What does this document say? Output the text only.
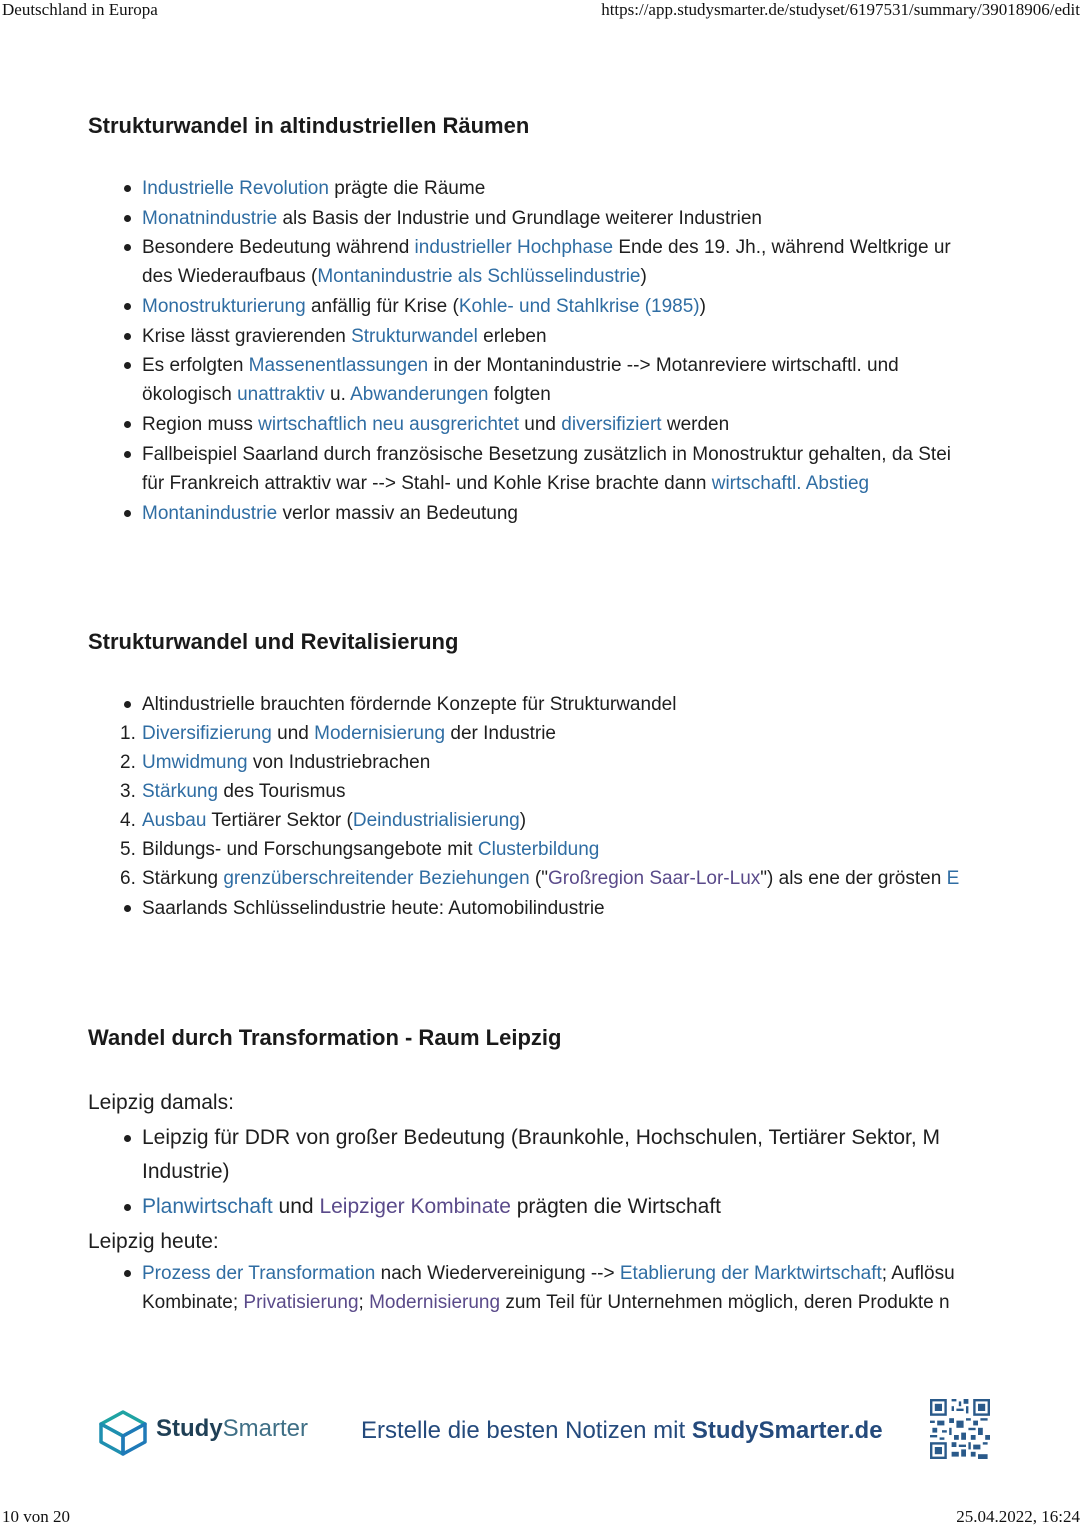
Deutschland in Europa	https://app.studysmarter.de/studyset/6197531/summary/39018906/edit
Strukturwandel in altindustriellen Räumen
Industrielle Revolution prägte die Räume
Monatnindustrie als Basis der Industrie und Grundlage weiterer Industrien
Besondere Bedeutung während industrieller Hochphase Ende des 19. Jh., während Weltkrige ur
des Wiederaufbaus (Montanindustrie als Schlüsselindustrie)
Monostrukturierung anfällig für Krise (Kohle- und Stahlkrise (1985))
Krise lässt gravierenden Strukturwandel erleben
Es erfolgten Massenentlassungen in der Montanindustrie --> Motanreviere wirtschaftl. und
ökologisch unattraktiv u. Abwanderungen folgten
Region muss wirtschaftlich neu ausgrerichtet und diversifiziert werden
Fallbeispiel Saarland durch französische Besetzung zusätzlich in Monostruktur gehalten, da Stei
für Frankreich attraktiv war --> Stahl- und Kohle Krise brachte dann wirtschaftl. Abstieg
Montanindustrie verlor massiv an Bedeutung
Strukturwandel und Revitalisierung
Altindustrielle brauchten fördernde Konzepte für Strukturwandel
1. Diversifizierung und Modernisierung der Industrie
2. Umwidmung von Industriebrachen
3. Stärkung des Tourismus
4. Ausbau Tertiärer Sektor (Deindustrialisierung)
5. Bildungs- und Forschungsangebote mit Clusterbildung
6. Stärkung grenzüberschreitender Beziehungen ("Großregion Saar-Lor-Lux") als ene der grösten E
Saarlands Schlüsselindustrie heute: Automobilindustrie
Wandel durch Transformation - Raum Leipzig
Leipzig damals:
Leipzig für DDR von großer Bedeutung (Braunkohle, Hochschulen, Tertiärer Sektor, M
Industrie)
Planwirtschaft und Leipziger Kombinate prägten die Wirtschaft
Leipzig heute:
Prozess der Transformation nach Wiedervereinigung --> Etablierung der Marktwirtschaft; Auflösu
Kombinate; Privatisierung; Modernisierung zum Teil für Unternehmen möglich, deren Produkte n
StudySmarter Erstelle die besten Notizen mit StudySmarter.de
10 von 20	25.04.2022, 16:24
